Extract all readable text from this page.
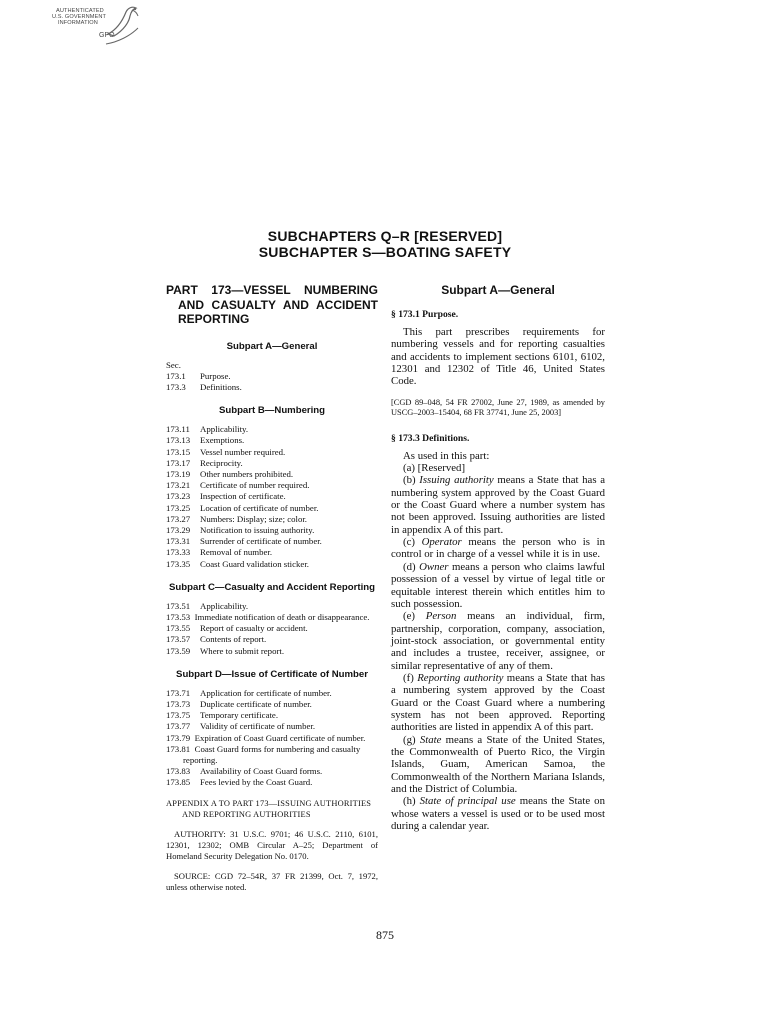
AUTHENTICATED
U.S. GOVERNMENT
INFORMATION
GPO
SUBCHAPTERS Q–R [RESERVED]
SUBCHAPTER S—BOATING SAFETY
PART 173—VESSEL NUMBERING AND CASUALTY AND ACCIDENT REPORTING
Subpart A—General
Sec.
173.1	Purpose.
173.3	Definitions.
Subpart B—Numbering
173.11	Applicability.
173.13	Exemptions.
173.15	Vessel number required.
173.17	Reciprocity.
173.19	Other numbers prohibited.
173.21	Certificate of number required.
173.23	Inspection of certificate.
173.25	Location of certificate of number.
173.27	Numbers: Display; size; color.
173.29	Notification to issuing authority.
173.31	Surrender of certificate of number.
173.33	Removal of number.
173.35	Coast Guard validation sticker.
Subpart C—Casualty and Accident Reporting
173.51	Applicability.
173.53 Immediate notification of death or disappearance.
173.55	Report of casualty or accident.
173.57	Contents of report.
173.59	Where to submit report.
Subpart D—Issue of Certificate of Number
173.71	Application for certificate of number.
173.73	Duplicate certificate of number.
173.75	Temporary certificate.
173.77	Validity of certificate of number.
173.79 Expiration of Coast Guard certificate of number.
173.81 Coast Guard forms for numbering and casualty reporting.
173.83	Availability of Coast Guard forms.
173.85	Fees levied by the Coast Guard.
APPENDIX A TO PART 173—ISSUING AUTHORITIES AND REPORTING AUTHORITIES
AUTHORITY: 31 U.S.C. 9701; 46 U.S.C. 2110, 6101, 12301, 12302; OMB Circular A–25; Department of Homeland Security Delegation No. 0170.
SOURCE: CGD 72–54R, 37 FR 21399, Oct. 7, 1972, unless otherwise noted.
Subpart A—General
§ 173.1 Purpose.

This part prescribes requirements for numbering vessels and for reporting casualties and accidents to implement sections 6101, 6102, 12301 and 12302 of Title 46, United States Code.

[CGD 89–048, 54 FR 27002, June 27, 1989, as amended by USCG–2003–15404, 68 FR 37741, June 25, 2003]
§ 173.3 Definitions.

As used in this part:

(a) [Reserved]

(b) Issuing authority means a State that has a numbering system approved by the Coast Guard or the Coast Guard where a number system has not been approved. Issuing authorities are listed in appendix A of this part.

(c) Operator means the person who is in control or in charge of a vessel while it is in use.

(d) Owner means a person who claims lawful possession of a vessel by virtue of legal title or equitable interest therein which entitles him to such possession.

(e) Person means an individual, firm, partnership, corporation, company, association, joint-stock association, or governmental entity and includes a trustee, receiver, assignee, or similar representative of any of them.

(f) Reporting authority means a State that has a numbering system approved by the Coast Guard or the Coast Guard where a numbering system has not been approved. Reporting authorities are listed in appendix A of this part.

(g) State means a State of the United States, the Commonwealth of Puerto Rico, the Virgin Islands, Guam, American Samoa, the Commonwealth of the Northern Mariana Islands, and the District of Columbia.

(h) State of principal use means the State on whose waters a vessel is used or to be used most during a calendar year.

875
